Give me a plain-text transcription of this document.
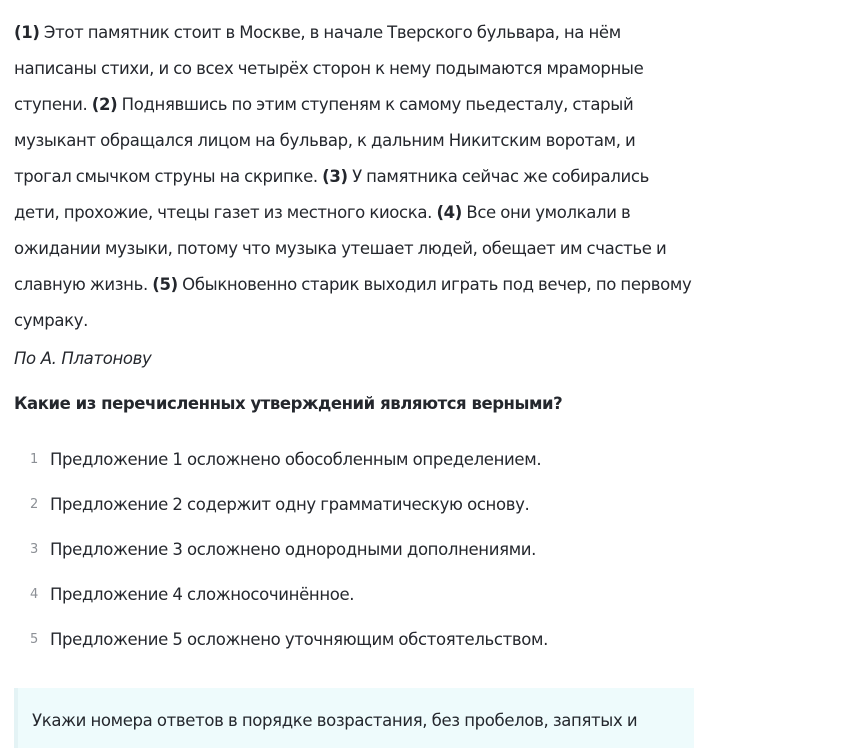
(1) Этот памятник стоит в Москве, в начале Тверского бульвара, на нём написаны стихи, и со всех четырёх сторон к нему подымаются мраморные ступени. (2) Поднявшись по этим ступеням к самому пьедесталу, старый музыкант обращался лицом на бульвар, к дальним Никитским воротам, и трогал смычком струны на скрипке. (3) У памятника сейчас же собирались дети, прохожие, чтецы газет из местного киоска. (4) Все они умолкали в ожидании музыки, потому что музыка утешает людей, обещает им счастье и славную жизнь. (5) Обыкновенно старик выходил играть под вечер, по первому сумраку.

По А. Платонову

Какие из перечисленных утверждений являются верными?

1 Предложение 1 осложнено обособленным определением.
2 Предложение 2 содержит одну грамматическую основу.
3 Предложение 3 осложнено однородными дополнениями.
4 Предложение 4 сложносочинённое.
5 Предложение 5 осложнено уточняющим обстоятельством.
Укажи номера ответов в порядке возрастания, без пробелов, запятых и
